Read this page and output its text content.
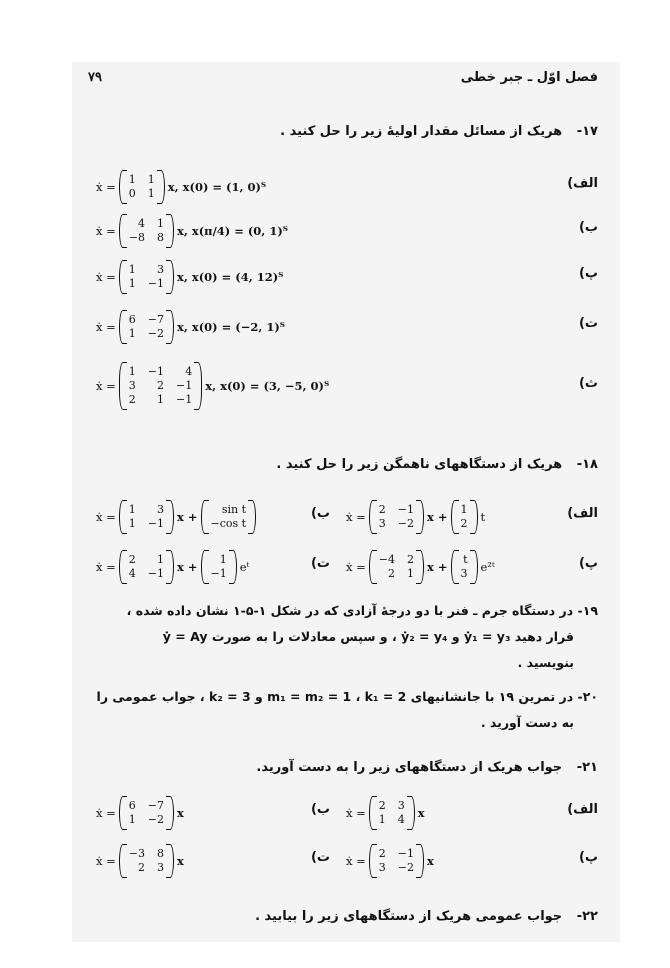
۷۹	فصل اوّل ـ جبر خطی
۱۷- هریک از مسائل مقدار اولیهٔ زیر را حل کنید .
۱۸- هریک از دستگاههای ناهمگن زیر را حل کنید .
۱۹- در دستگاه جرم ـ فنر با دو درجهٔ آزادی که در شکل ۱-۵-۱ نشان داده شده ،
قرار دهید ẏ₁ = y₃ و ẏ₂ = y₄ ، و سپس معادلات را به صورت ẏ = Ay
بنویسید .
۲۰- در تمرین ۱۹ با جانشانیهای m₁ = m₂ = 1 ، k₁ = 2 و k₂ = 3 ، جواب عمومی را
به دست آورید .
۲۱- جواب هریک از دستگاههای زیر را به دست آورید.
۲۲- جواب عمومی هریک از دستگاههای زیر را بیابید .
الف)
ẋ =
1 1
0 1 x, x(0) = (1, 0)ᵀ
ب)
ẋ =
4 1
−8 8 x, x(π/4) = (0, 1)ᵀ
پ)
ẋ =
1	3
1 −1 x, x(0) = (4, 12)ᵀ
ت)
ẋ =
6 −7
1 −2 x, x(0) = (−2, 1)ᵀ
ث)
ẋ =
1 −1	4
3	2 −1
2	1 −1
x, x(0) = (3, −5, 0)ᵀ
الف)
ẋ =
2 −1
3 −2 x +
1
2 t
ب)
ẋ =
1	3
1 −1 x +
sin t
−cos t
پ)
ẋ =
−4 2
2 1 x +
t
3 e²ᵗ
ت)
ẋ =
2	1
4 −1 x +
1
−1 eᵗ
الف)
ẋ =
2 3
1 4 x
ب)
ẋ =
6 −7
1 −2 x
پ)
ẋ =
2 −1
3 −2 x
ت)
ẋ =
−3 8
2 3 x
